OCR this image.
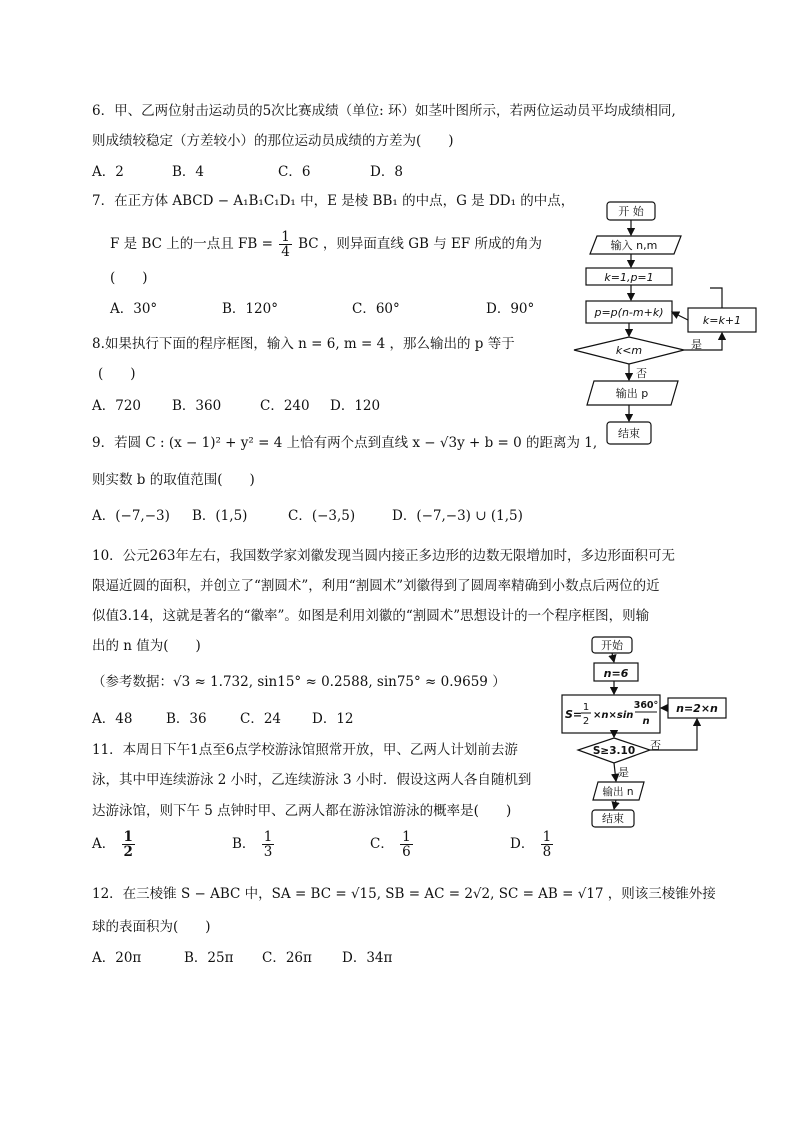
6．甲、乙两位射击运动员的5次比赛成绩（单位: 环）如茎叶图所示，若两位运动员平均成绩相同,
则成绩较稳定（方差较小）的那位运动员成绩的方差为(　　)
A．2	B．4	C．6	D．8
7．在正方体 ABCD − A₁B₁C₁D₁ 中，E 是棱 BB₁ 的中点，G 是 DD₁ 的中点，
F 是 BC 上的一点且 FB = $\frac{1}{4}$ BC ，则异面直线 GB 与 EF 所成的角为
(　　)
A．30°	B．120°	C．60°	D．90°
8.如果执行下面的程序框图，输入 n = 6, m = 4 ，那么输出的 p 等于
(　　)
A．720 B．360	C．240 D．120
9．若圆 C : (x − 1)² + y² = 4 上恰有两个点到直线 x − √3y + b = 0 的距离为 1,
则实数 b 的取值范围(　　)
A．(−7,−3) B．(1,5)	C．(−3,5)	D．(−7,−3) ∪ (1,5)
10．公元263年左右，我国数学家刘徽发现当圆内接正多边形的边数无限增加时，多边形面积可无
限逼近圆的面积，并创立了“割圆术”，利用“割圆术”刘徽得到了圆周率精确到小数点后两位的近
似值3.14，这就是著名的“徽率”。如图是利用刘徽的“割圆术”思想设计的一个程序框图，则输
出的 n 值为(　　)
（参考数据：√3 ≈ 1.732, sin15° ≈ 0.2588, sin75° ≈ 0.9659 ）
A．48 B．36 C．24 D．12
11．本周日下午1点至6点学校游泳馆照常开放，甲、乙两人计划前去游
泳，其中甲连续游泳 2 小时，乙连续游泳 3 小时．假设这两人各自随机到
达游泳馆，则下午 5 点钟时甲、乙两人都在游泳馆游泳的概率是(　　)
A． $\frac{1}{2}$	B． $\frac{1}{3}$	C． $\frac{1}{6}$	D． $\frac{1}{8}$
12．在三棱锥 S − ABC 中，SA = BC = √15, SB = AC = 2√2, SC = AB = √17 ，则该三棱锥外接
球的表面积为(　　)
A．20π	B．25π C．26π D．34π
开 始
输入 n,m
k=1,p=1
p=p(n-m+k)
k=k+1
k<m	是
否
输出 p
结束
开始
n=6
S=
1
2
×n×sin
360°
n
n=2×n
S≥3.10 否
是
输出 n
结束
